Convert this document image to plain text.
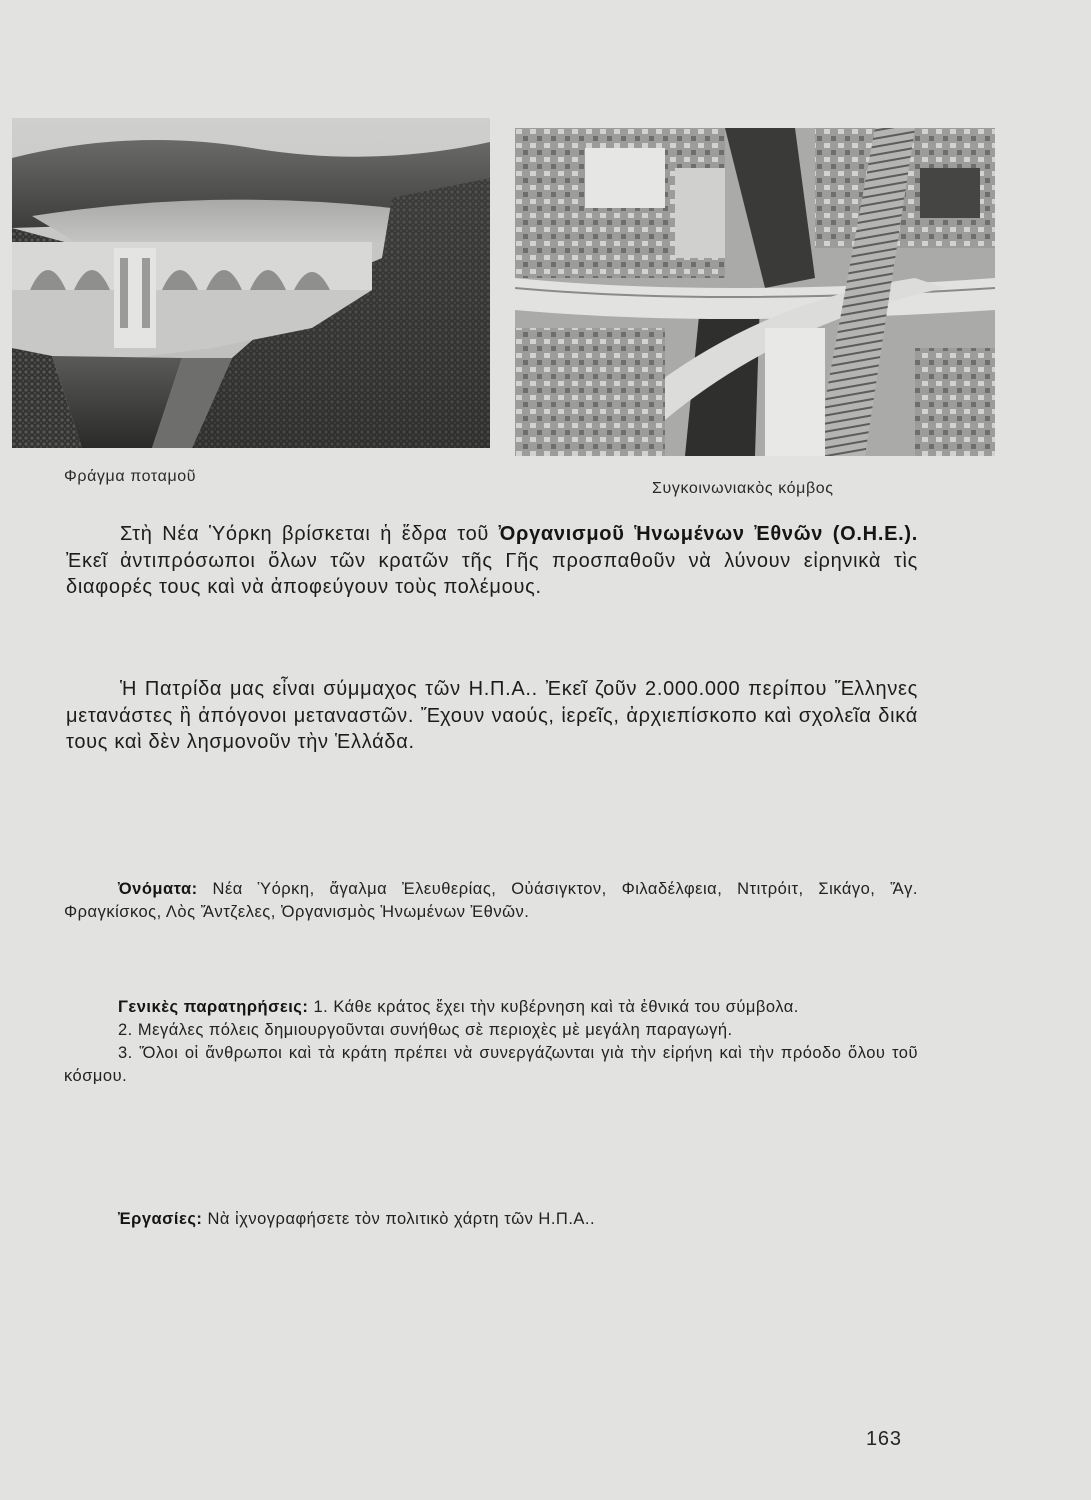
Φράγμα ποταμοῦ
Συγκοινωνιακὸς κόμβος

Στὴ Νέα Ὑόρκη βρίσκεται ἡ ἕδρα τοῦ Ὀργανισμοῦ Ἡνωμένων Ἐθνῶν (Ο.Η.Ε.). Ἐκεῖ ἀντιπρόσωποι ὅλων τῶν κρατῶν τῆς Γῆς προσπαθοῦν νὰ λύνουν εἰρηνικὰ τὶς διαφορές τους καὶ νὰ ἀποφεύγουν τοὺς πολέμους.

Ἡ Πατρίδα μας εἶναι σύμμαχος τῶν Η.Π.Α.. Ἐκεῖ ζοῦν 2.000.000 περίπου Ἕλληνες μετανάστες ἢ ἀπόγονοι μεταναστῶν. Ἔχουν ναούς, ἱερεῖς, ἀρχιεπίσκοπο καὶ σχολεῖα δικά τους καὶ δὲν λησμονοῦν τὴν Ἑλλάδα.

Ὀνόματα: Νέα Ὑόρκη, ἄγαλμα Ἐλευθερίας, Οὐάσιγκτον, Φιλαδέλφεια, Ντιτρόιτ, Σικάγο, Ἅγ. Φραγκίσκος, Λὸς Ἄντζελες, Ὀργανισμὸς Ἡνωμένων Ἐθνῶν.

Γενικὲς παρατηρήσεις: 1. Κάθε κράτος ἔχει τὴν κυβέρνηση καὶ τὰ ἐθνικά του σύμβολα.

2. Μεγάλες πόλεις δημιουργοῦνται συνήθως σὲ περιοχὲς μὲ μεγάλη παραγωγή.

3. Ὅλοι οἱ ἄνθρωποι καὶ τὰ κράτη πρέπει νὰ συνεργάζωνται γιὰ τὴν εἰρήνη καὶ τὴν πρόοδο ὅλου τοῦ κόσμου.

Ἐργασίες: Νὰ ἰχνογραφήσετε τὸν πολιτικὸ χάρτη τῶν Η.Π.Α..

163
